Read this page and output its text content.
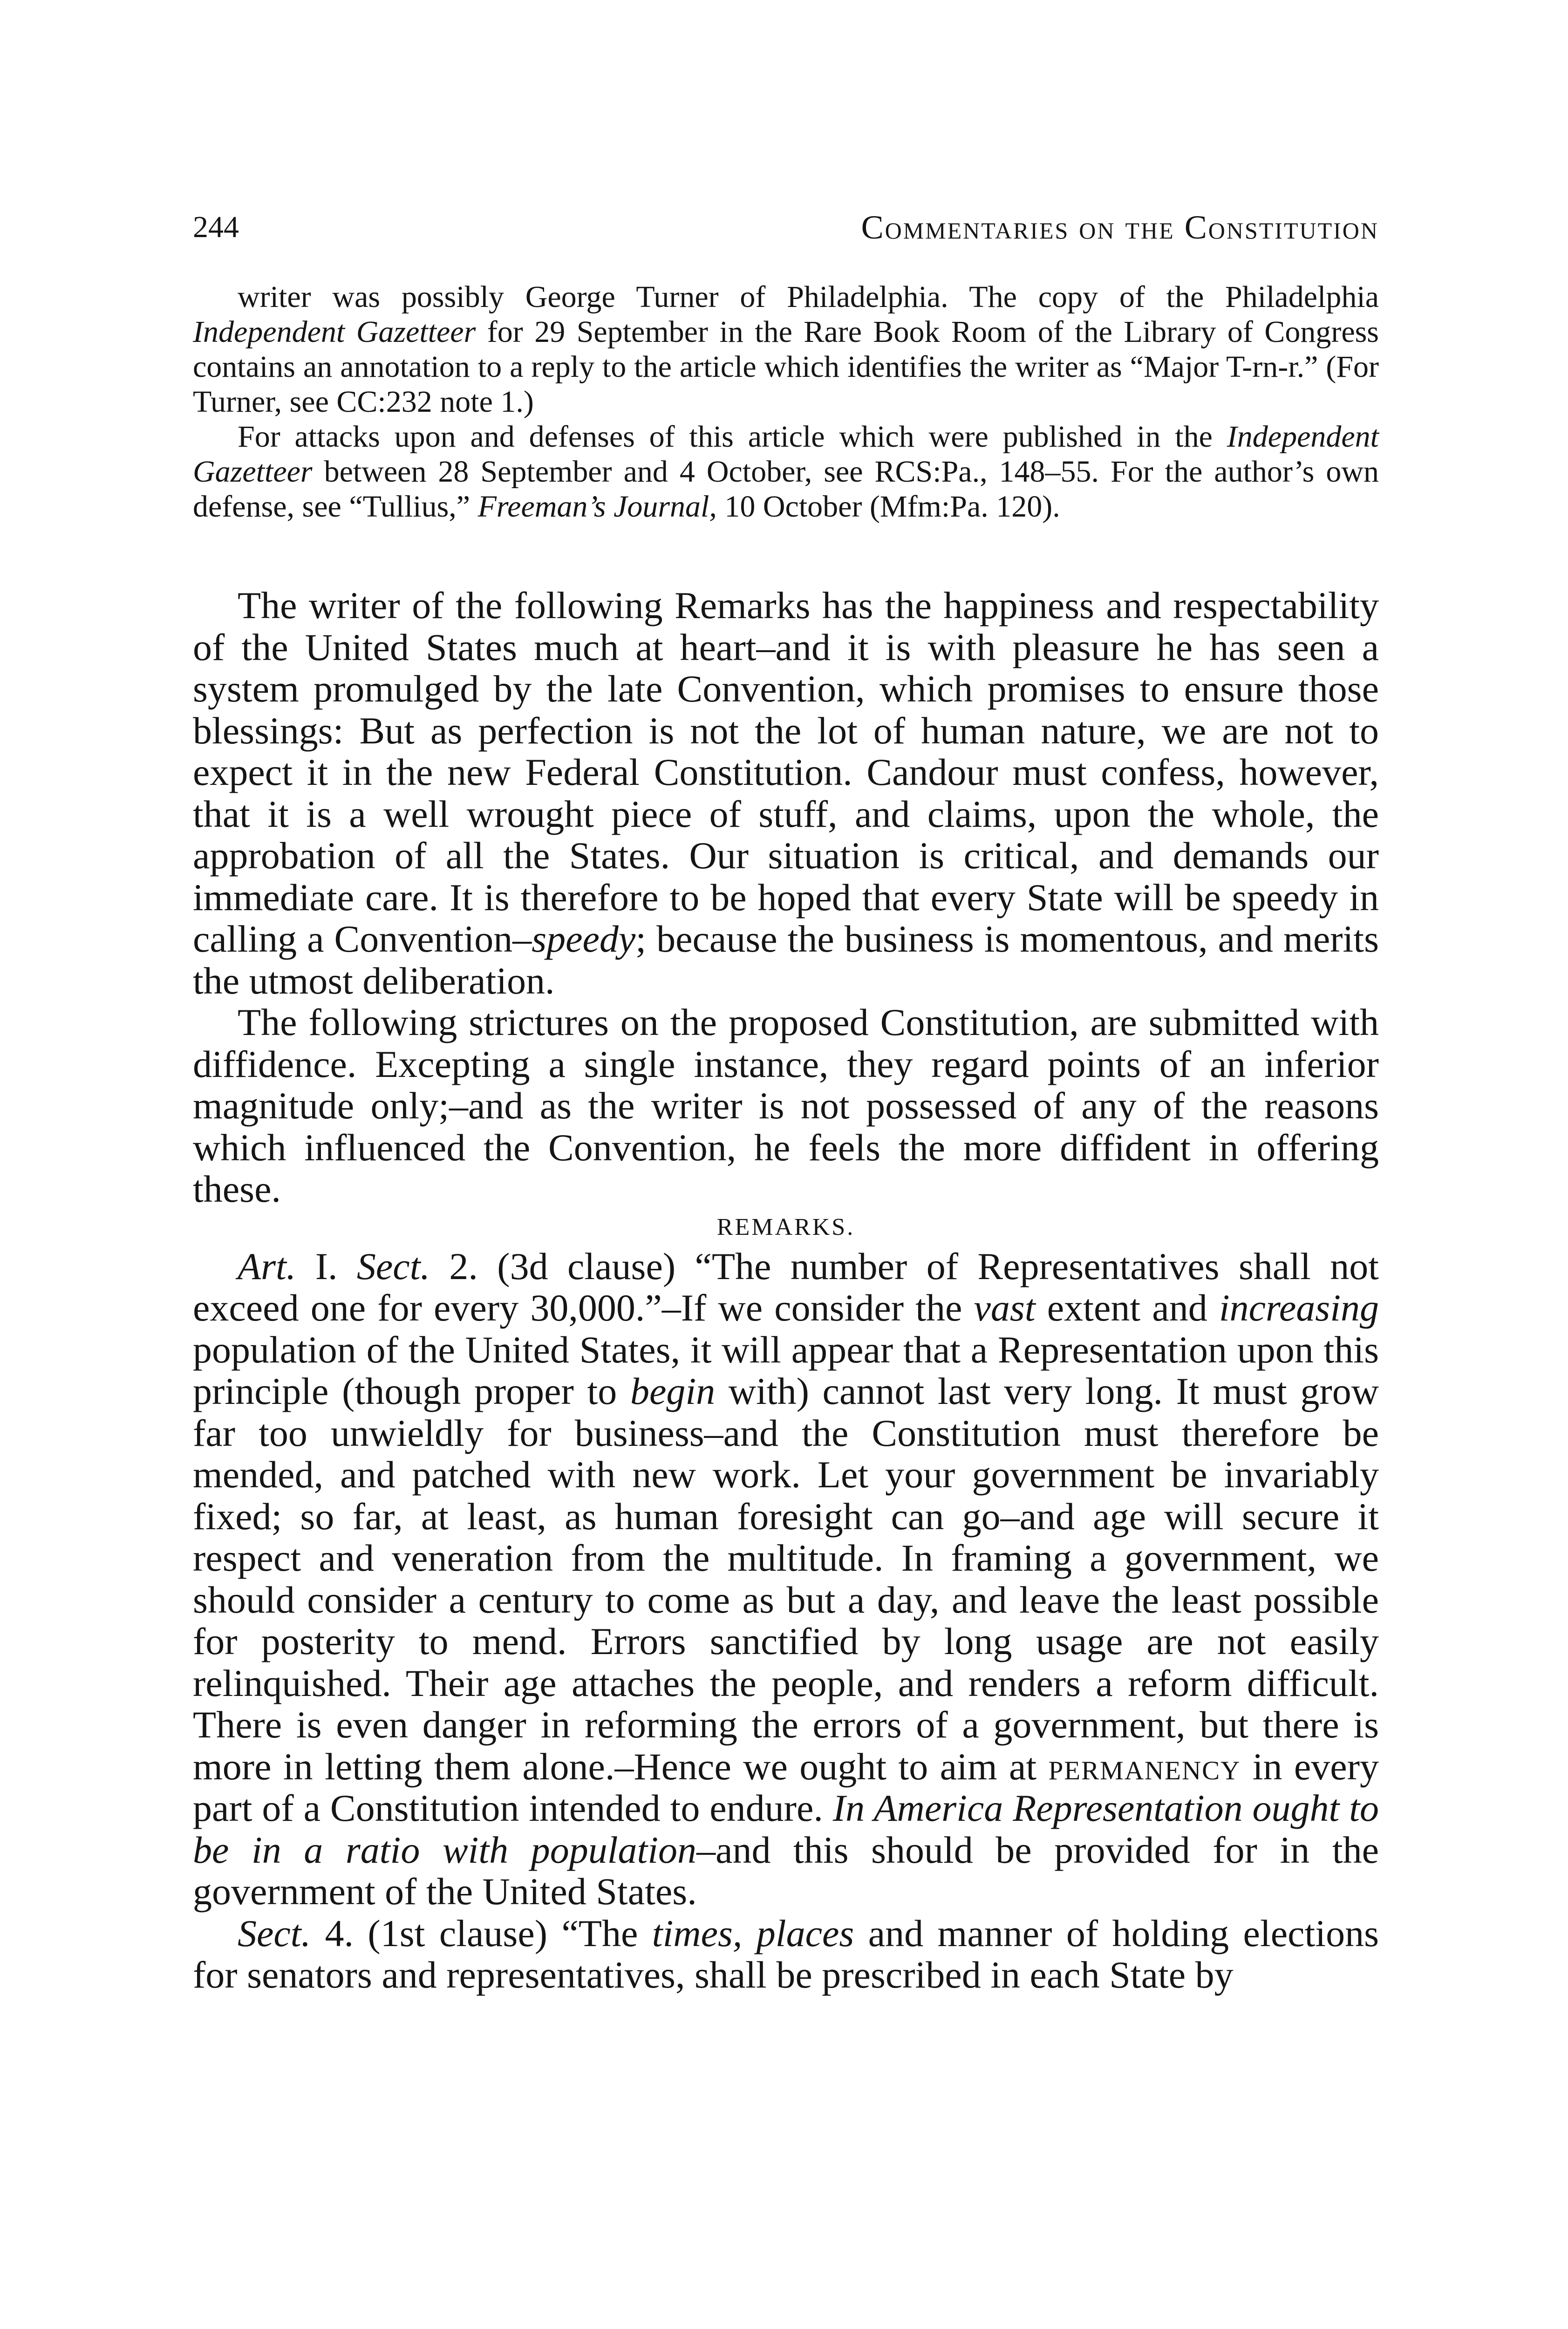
244	Commentaries on the Constitution

writer was possibly George Turner of Philadelphia. The copy of the Philadelphia Independent Gazetteer for 29 September in the Rare Book Room of the Library of Congress contains an annotation to a reply to the article which identifies the writer as “Major T-rn-r.” (For Turner, see CC:232 note 1.)

For attacks upon and defenses of this article which were published in the Independent Gazetteer between 28 September and 4 October, see RCS:Pa., 148–55. For the author’s own defense, see “Tullius,” Freeman’s Journal, 10 October (Mfm:Pa. 120).

The writer of the following Remarks has the happiness and respectability of the United States much at heart–and it is with pleasure he has seen a system promulged by the late Convention, which promises to ensure those blessings: But as perfection is not the lot of human nature, we are not to expect it in the new Federal Constitution. Candour must confess, however, that it is a well wrought piece of stuff, and claims, upon the whole, the approbation of all the States. Our situation is critical, and demands our immediate care. It is therefore to be hoped that every State will be speedy in calling a Convention–speedy; because the business is momentous, and merits the utmost deliberation.

The following strictures on the proposed Constitution, are submitted with diffidence. Excepting a single instance, they regard points of an inferior magnitude only;–and as the writer is not possessed of any of the reasons which influenced the Convention, he feels the more diffident in offering these.

REMARKS.

Art. I. Sect. 2. (3d clause) “The number of Representatives shall not exceed one for every 30,000.”–If we consider the vast extent and increasing population of the United States, it will appear that a Representation upon this principle (though proper to begin with) cannot last very long. It must grow far too unwieldly for business–and the Constitution must therefore be mended, and patched with new work. Let your government be invariably fixed; so far, at least, as human foresight can go–and age will secure it respect and veneration from the multitude. In framing a government, we should consider a century to come as but a day, and leave the least possible for posterity to mend. Errors sanctified by long usage are not easily relinquished. Their age attaches the people, and renders a reform difficult. There is even danger in reforming the errors of a government, but there is more in letting them alone.–Hence we ought to aim at permanency in every part of a Constitution intended to endure. In America Representation ought to be in a ratio with population–and this should be provided for in the government of the United States.

Sect. 4. (1st clause) “The times, places and manner of holding elections for senators and representatives, shall be prescribed in each State by
